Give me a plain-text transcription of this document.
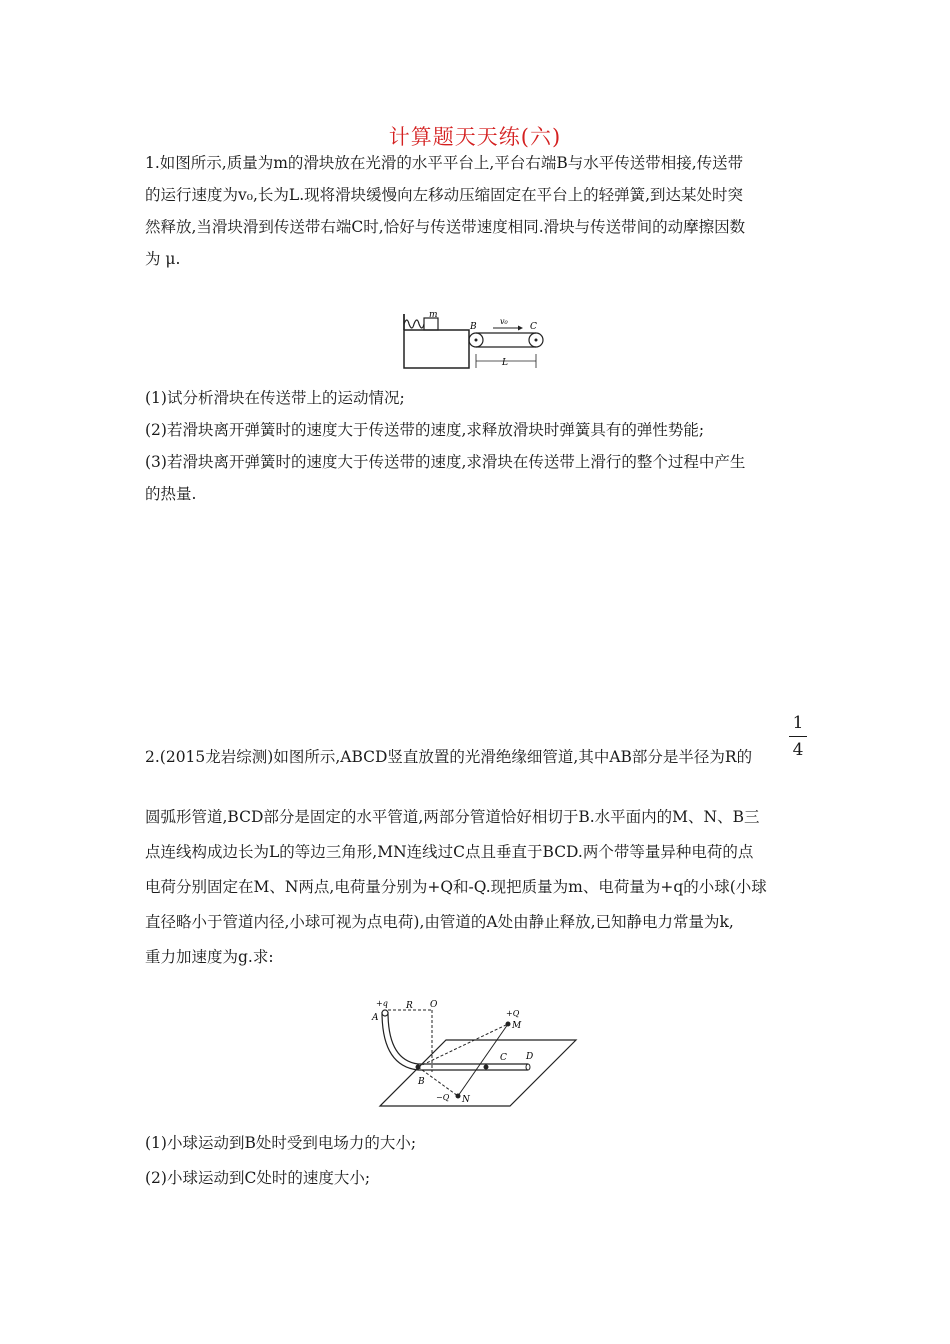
计算题天天练(六)
1.如图所示,质量为m的滑块放在光滑的水平平台上,平台右端B与水平传送带相接,传送带
的运行速度为v₀,长为L.现将滑块缓慢向左移动压缩固定在平台上的轻弹簧,到达某处时突
然释放,当滑块滑到传送带右端C时,恰好与传送带速度相同.滑块与传送带间的动摩擦因数
为 μ.
m
B	C
v₀
L
(1)试分析滑块在传送带上的运动情况;
(2)若滑块离开弹簧时的速度大于传送带的速度,求释放滑块时弹簧具有的弹性势能;
(3)若滑块离开弹簧时的速度大于传送带的速度,求滑块在传送带上滑行的整个过程中产生
的热量.
$\frac{1}{4}$
2.(2015龙岩综测)如图所示,ABCD竖直放置的光滑绝缘细管道,其中AB部分是半径为R的
圆弧形管道,BCD部分是固定的水平管道,两部分管道恰好相切于B.水平面内的M、N、B三
点连线构成边长为L的等边三角形,MN连线过C点且垂直于BCD.两个带等量异种电荷的点
电荷分别固定在M、N两点,电荷量分别为+Q和-Q.现把质量为m、电荷量为+q的小球(小球
直径略小于管道内径,小球可视为点电荷),由管道的A处由静止释放,已知静电力常量为k,
重力加速度为g.求:
+q
A
R O
+Q
M
C D
B
−Q N
(1)小球运动到B处时受到电场力的大小;
(2)小球运动到C处时的速度大小;
